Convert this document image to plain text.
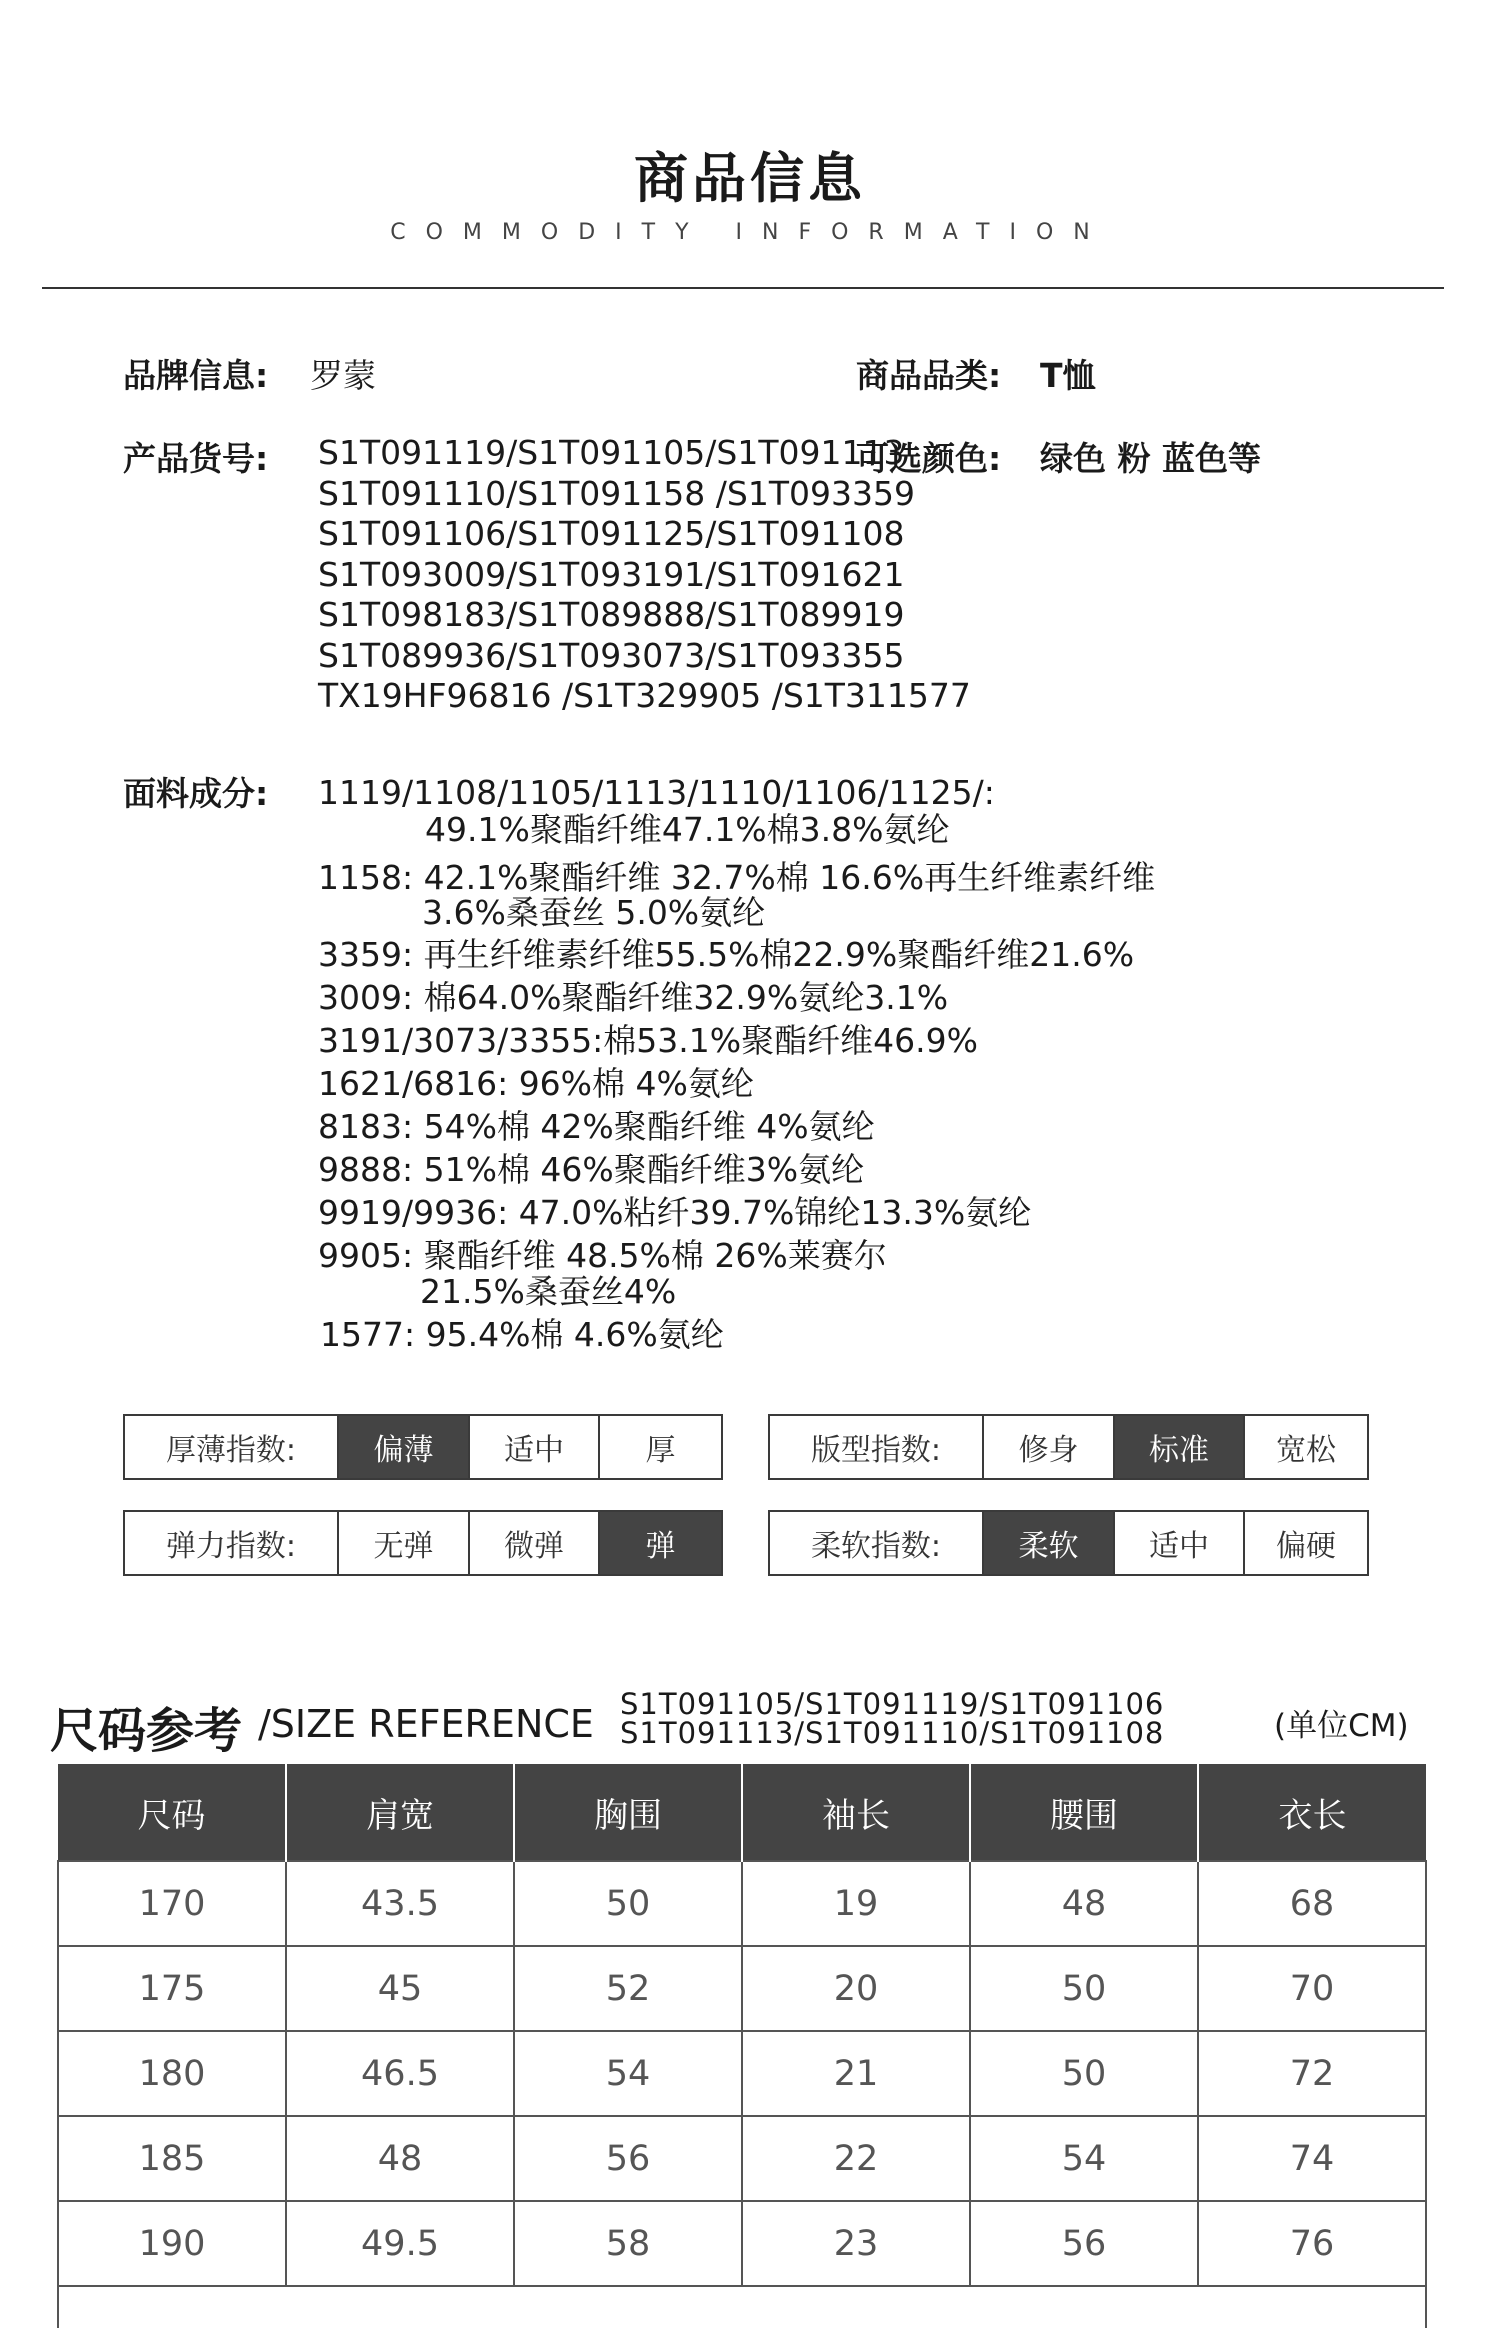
商品信息
COMMODITY INFORMATION
品牌信息: 罗蒙	商品品类: T恤
产品货号: S1T091119/S1T091105/S1T091113
S1T091110/S1T091158 /S1T093359
S1T091106/S1T091125/S1T091108
S1T093009/S1T093191/S1T091621
S1T098183/S1T089888/S1T089919
S1T089936/S1T093073/S1T093355
TX19HF96816 /S1T329905 /S1T311577
可选颜色: 绿色 粉 蓝色等
面料成分: 1119/1108/1105/1113/1110/1106/1125/:
49.1%聚酯纤维47.1%棉3.8%氨纶
1158: 42.1%聚酯纤维 32.7%棉 16.6%再生纤维素纤维
3.6%桑蚕丝 5.0%氨纶
3359: 再生纤维素纤维55.5%棉22.9%聚酯纤维21.6%
3009: 棉64.0%聚酯纤维32.9%氨纶3.1%
3191/3073/3355:棉53.1%聚酯纤维46.9%
1621/6816: 96%棉 4%氨纶
8183: 54%棉 42%聚酯纤维 4%氨纶
9888: 51%棉 46%聚酯纤维3%氨纶
9919/9936: 47.0%粘纤39.7%锦纶13.3%氨纶
9905: 聚酯纤维 48.5%棉 26%莱赛尔
21.5%桑蚕丝4%
1577: 95.4%棉 4.6%氨纶
厚薄指数:	偏薄	适中	厚	版型指数:	修身	标准	宽松
弹力指数:	无弹	微弹	弹	柔软指数:	柔软	适中	偏硬
尺码参考 /SIZE REFERENCE S1T091105/S1T091119/S1T091106
S1T091113/S1T091110/S1T091108	(单位CM)
尺码	肩宽	胸围	袖长	腰围	衣长
170	43.5	50	19	48	68
175	45	52	20	50	70
180	46.5	54	21	50	72
185	48	56	22	54	74
190	49.5	58	23	56	76
